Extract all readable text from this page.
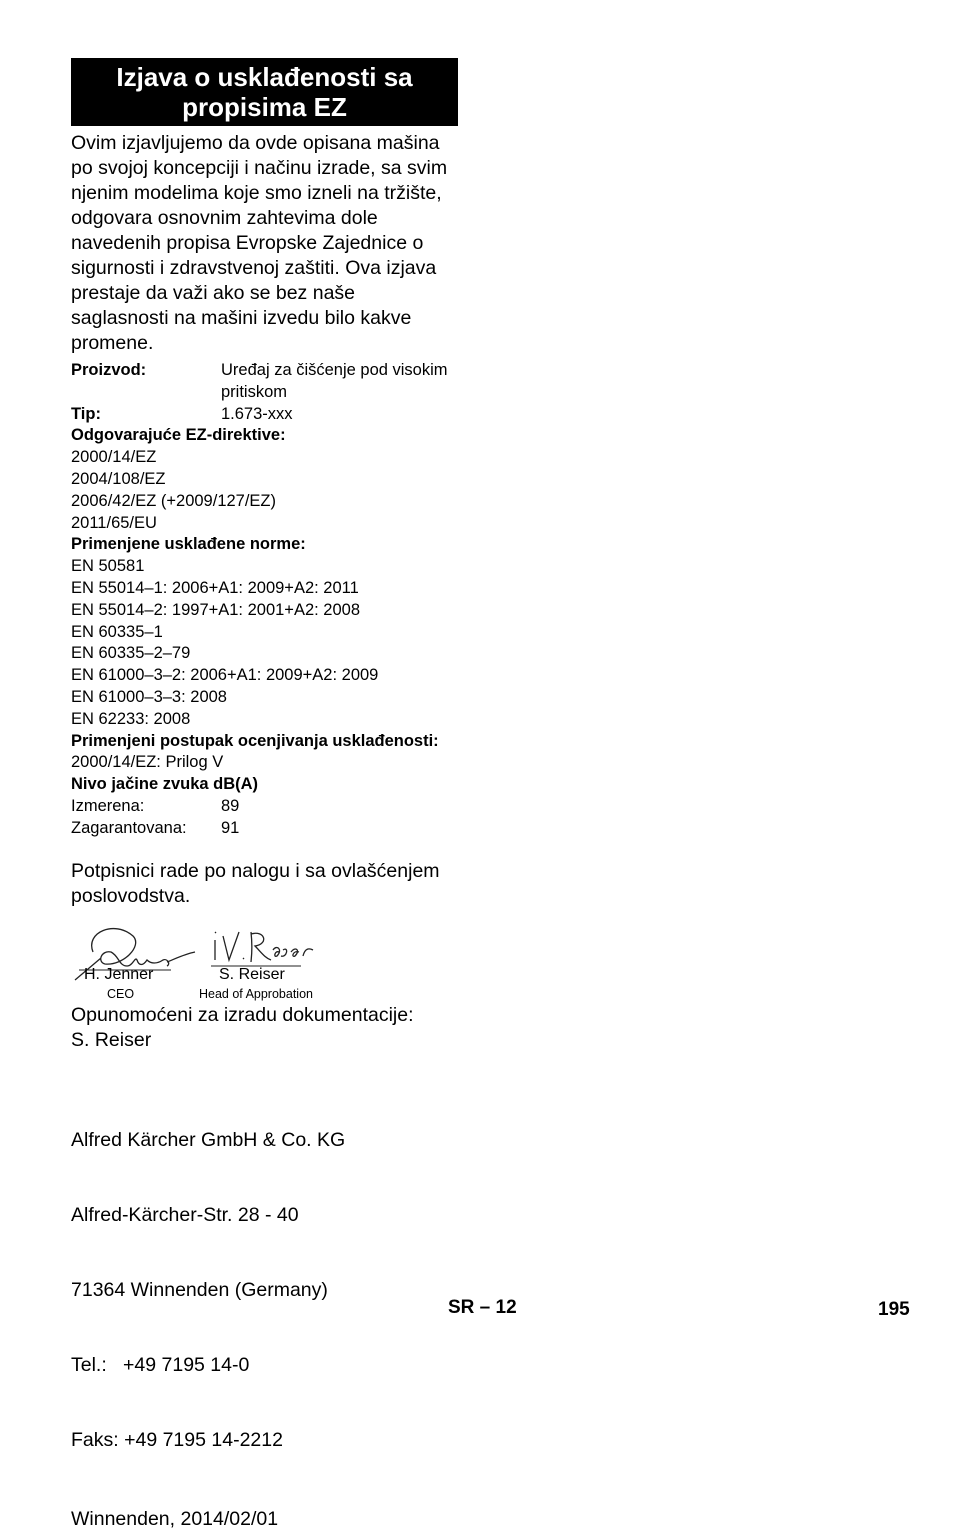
Izjava o usklađenosti sa
propisima EZ
Ovim izjavljujemo da ovde opisana mašina
po svojoj koncepciji i načinu izrade, sa svim
njenim modelima koje smo izneli na tržište,
odgovara osnovnim zahtevima dole
navedenih propisa Evropske Zajednice o
sigurnosti i zdravstvenoj zaštiti. Ova izjava
prestaje da važi ako se bez naše
saglasnosti na mašini izvedu bilo kakve
promene.
Proizvod:	Uređaj za čišćenje pod visokim
pritiskom
Tip:	1.673-xxx
Odgovarajuće EZ-direktive:
2000/14/EZ
2004/108/EZ
2006/42/EZ (+2009/127/EZ)
2011/65/EU
Primenjene usklađene norme:
EN 50581
EN 55014–1: 2006+A1: 2009+A2: 2011
EN 55014–2: 1997+A1: 2001+A2: 2008
EN 60335–1
EN 60335–2–79
EN 61000–3–2: 2006+A1: 2009+A2: 2009
EN 61000–3–3: 2008
EN 62233: 2008
Primenjeni postupak ocenjivanja usklađenosti:
2000/14/EZ: Prilog V
Nivo jačine zvuka dB(A)
Izmerena:	89
Zagarantovana:	91
Potpisnici rade po nalogu i sa ovlašćenjem
poslovodstva.
H. Jenner	S. Reiser
CEO	Head of Approbation
Opunomoćeni za izradu dokumentacije:
S. Reiser

Alfred Kärcher GmbH & Co. KG

Alfred-Kärcher-Str. 28 - 40

71364 Winnenden (Germany)

Tel.:   +49 7195 14-0

Faks: +49 7195 14-2212

Winnenden, 2014/02/01
SR – 12	195
